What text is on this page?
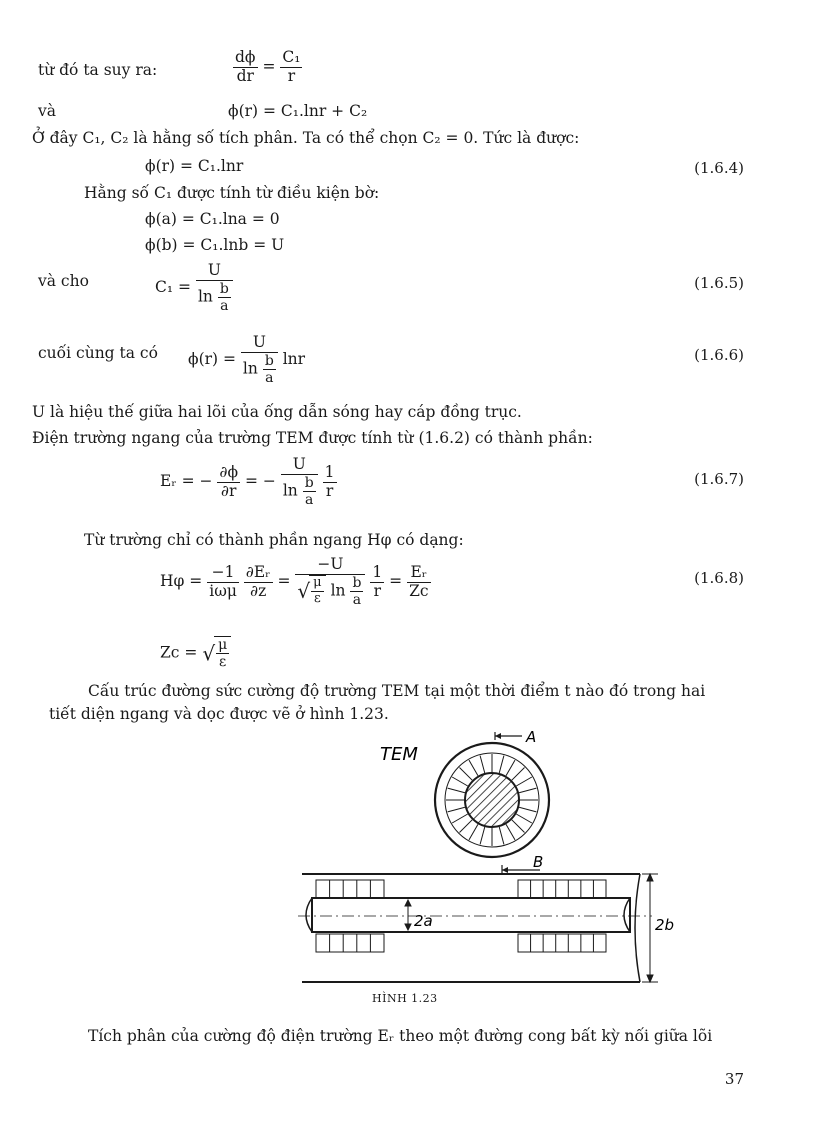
từ đó ta suy ra:	$\frac{d\phi}{dr} = \frac{\text{C₁}}{r}$
và	ϕ(r) = C₁.lnr + C₂
Ở đây C₁, C₂ là hằng số tích phân. Ta có thể chọn C₂ = 0. Tức là được:
ϕ(r) = C₁.lnr	(1.6.4)
Hằng số C₁ được tính từ điều kiện bờ:
ϕ(a) = C₁.lna = 0
ϕ(b) = C₁.lnb = U
và cho	$C_1 = \frac{U}{\ln \frac{b}{a}}$	(1.6.5)
cuối cùng ta có $\phi(r) = \frac{U}{\ln \frac{b}{a}}$ lnr	(1.6.6)
U là hiệu thế giữa hai lõi của ống dẫn sóng hay cáp đồng trục.
Điện trường ngang của trường TEM được tính từ (1.6.2) có thành phần:
Eᵣ = − $\frac{\partial\phi}{\partial r}$ = − $\frac{U}{\ln \frac{b}{a}}$
$\frac{1}{r}$	(1.6.7)
Từ trường chỉ có thành phần ngang Hφ có dạng:
$H\varphi = \frac{-1}{\text{iωμ}}$
$\frac{\text{∂Eᵣ}}{\partial z} = \frac{-U}{√ \frac{\mu}{\varepsilon} \ln \frac{b}{a}}$
$\frac{1}{r} = \frac{\text{Eᵣ}}{Zc}$	(1.6.8)
Zc = √ $\frac{\mu}{\varepsilon}$
Cấu trúc đường sức cường độ trường TEM tại một thời điểm t nào đó trong hai
tiết diện ngang và dọc được vẽ ở hình 1.23.
TEM
A
B
2a	2b
HÌNH 1.23
Tích phân của cường độ điện trường Eᵣ theo một đường cong bất kỳ nối giữa lõi
37
